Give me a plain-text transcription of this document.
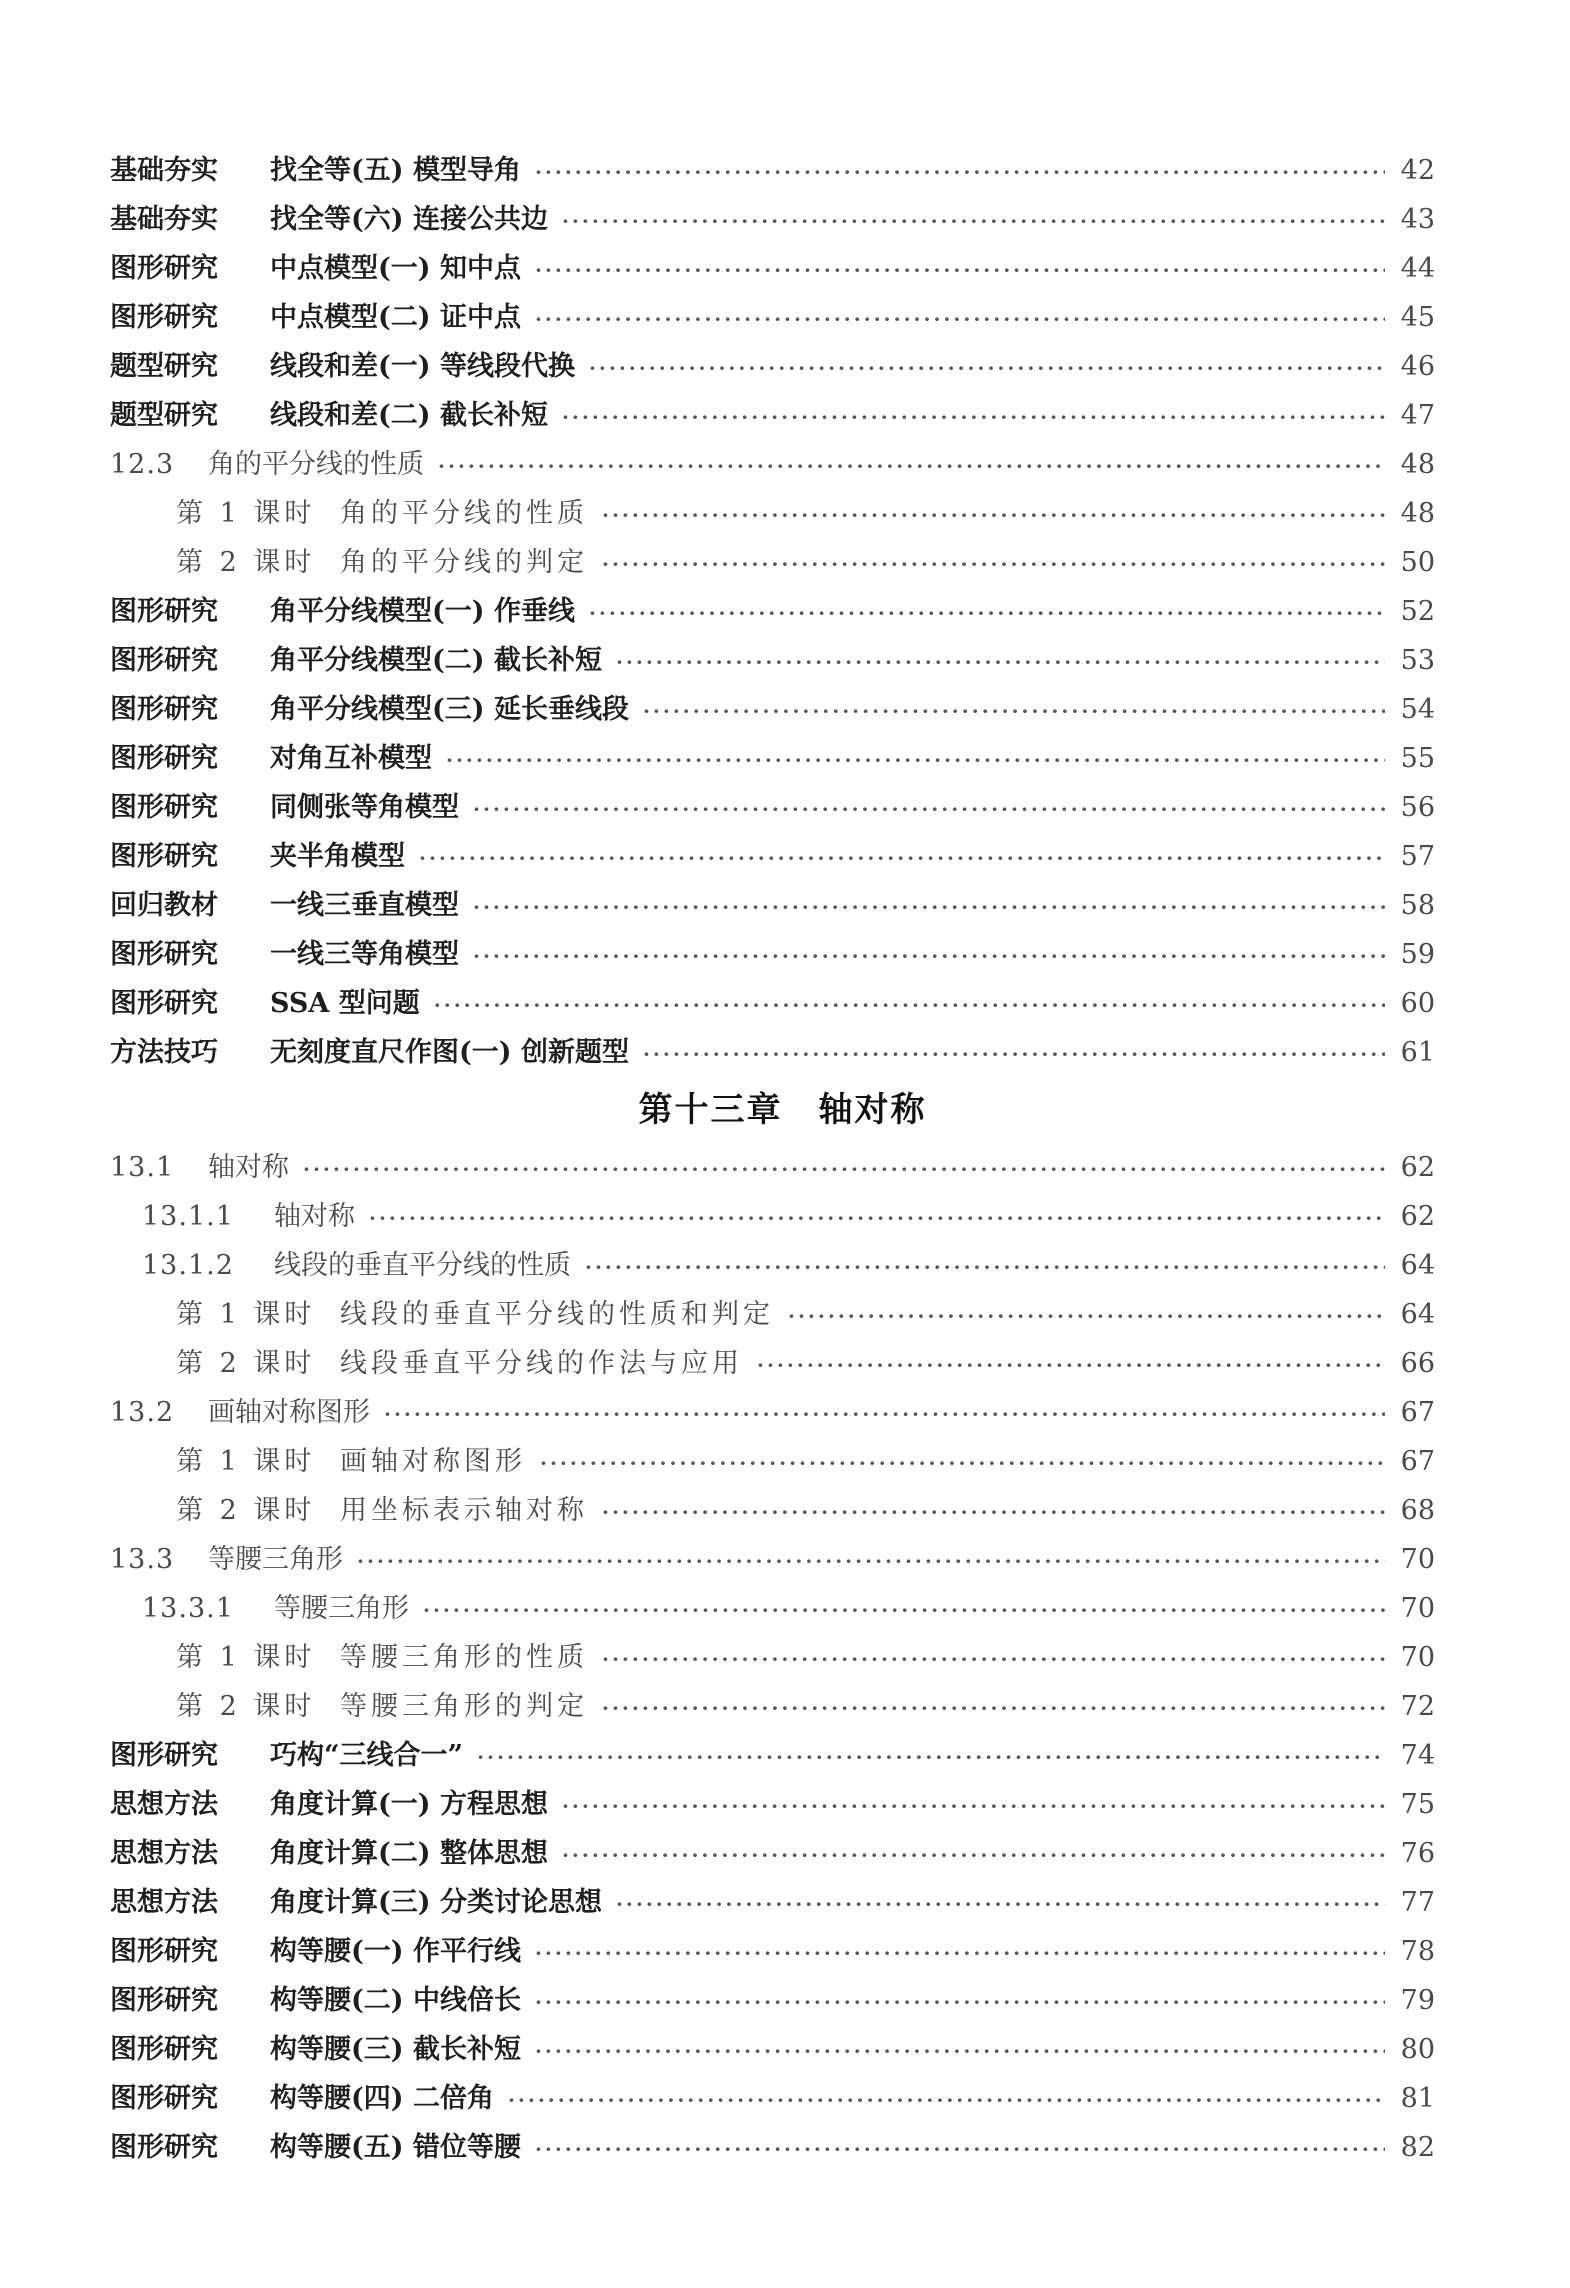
基础夯实	找全等(五) 模型导角 ·····	42
基础夯实	找全等(六) 连接公共边 ·····	43
图形研究	中点模型(一) 知中点 ·····	44
图形研究	中点模型(二) 证中点 ·····	45
题型研究	线段和差(一) 等线段代换 ·····	46
题型研究	线段和差(二) 截长补短 ·····	47
12.3	角的平分线的性质 ·····	48
第 1 课时 角的平分线的性质 ·····	48
第 2 课时 角的平分线的判定 ·····	50
图形研究	角平分线模型(一) 作垂线 ·····	52
图形研究	角平分线模型(二) 截长补短 ·····	53
图形研究	角平分线模型(三) 延长垂线段 ·····	54
图形研究	对角互补模型 ·····	55
图形研究	同侧张等角模型 ·····	56
图形研究	夹半角模型 ·····	57
回归教材	一线三垂直模型 ·····	58
图形研究	一线三等角模型 ·····	59
图形研究	SSA 型问题 ·····	60
方法技巧	无刻度直尺作图(一) 创新题型 ·····	61
第十三章 轴对称
13.1	轴对称 ·····	62
13.1.1	轴对称 ·····	62
13.1.2	线段的垂直平分线的性质 ·····	64
第 1 课时 线段的垂直平分线的性质和判定 ·····	64
第 2 课时 线段垂直平分线的作法与应用 ·····	66
13.2	画轴对称图形 ·····	67
第 1 课时 画轴对称图形 ·····	67
第 2 课时 用坐标表示轴对称 ·····	68
13.3	等腰三角形 ·····	70
13.3.1	等腰三角形 ·····	70
第 1 课时 等腰三角形的性质 ·····	70
第 2 课时 等腰三角形的判定 ·····	72
图形研究	巧构“三线合一” ·····	74
思想方法	角度计算(一) 方程思想 ·····	75
思想方法	角度计算(二) 整体思想 ·····	76
思想方法	角度计算(三) 分类讨论思想 ·····	77
图形研究	构等腰(一) 作平行线 ·····	78
图形研究	构等腰(二) 中线倍长 ·····	79
图形研究	构等腰(三) 截长补短 ·····	80
图形研究	构等腰(四) 二倍角 ·····	81
图形研究	构等腰(五) 错位等腰 ·····	82
